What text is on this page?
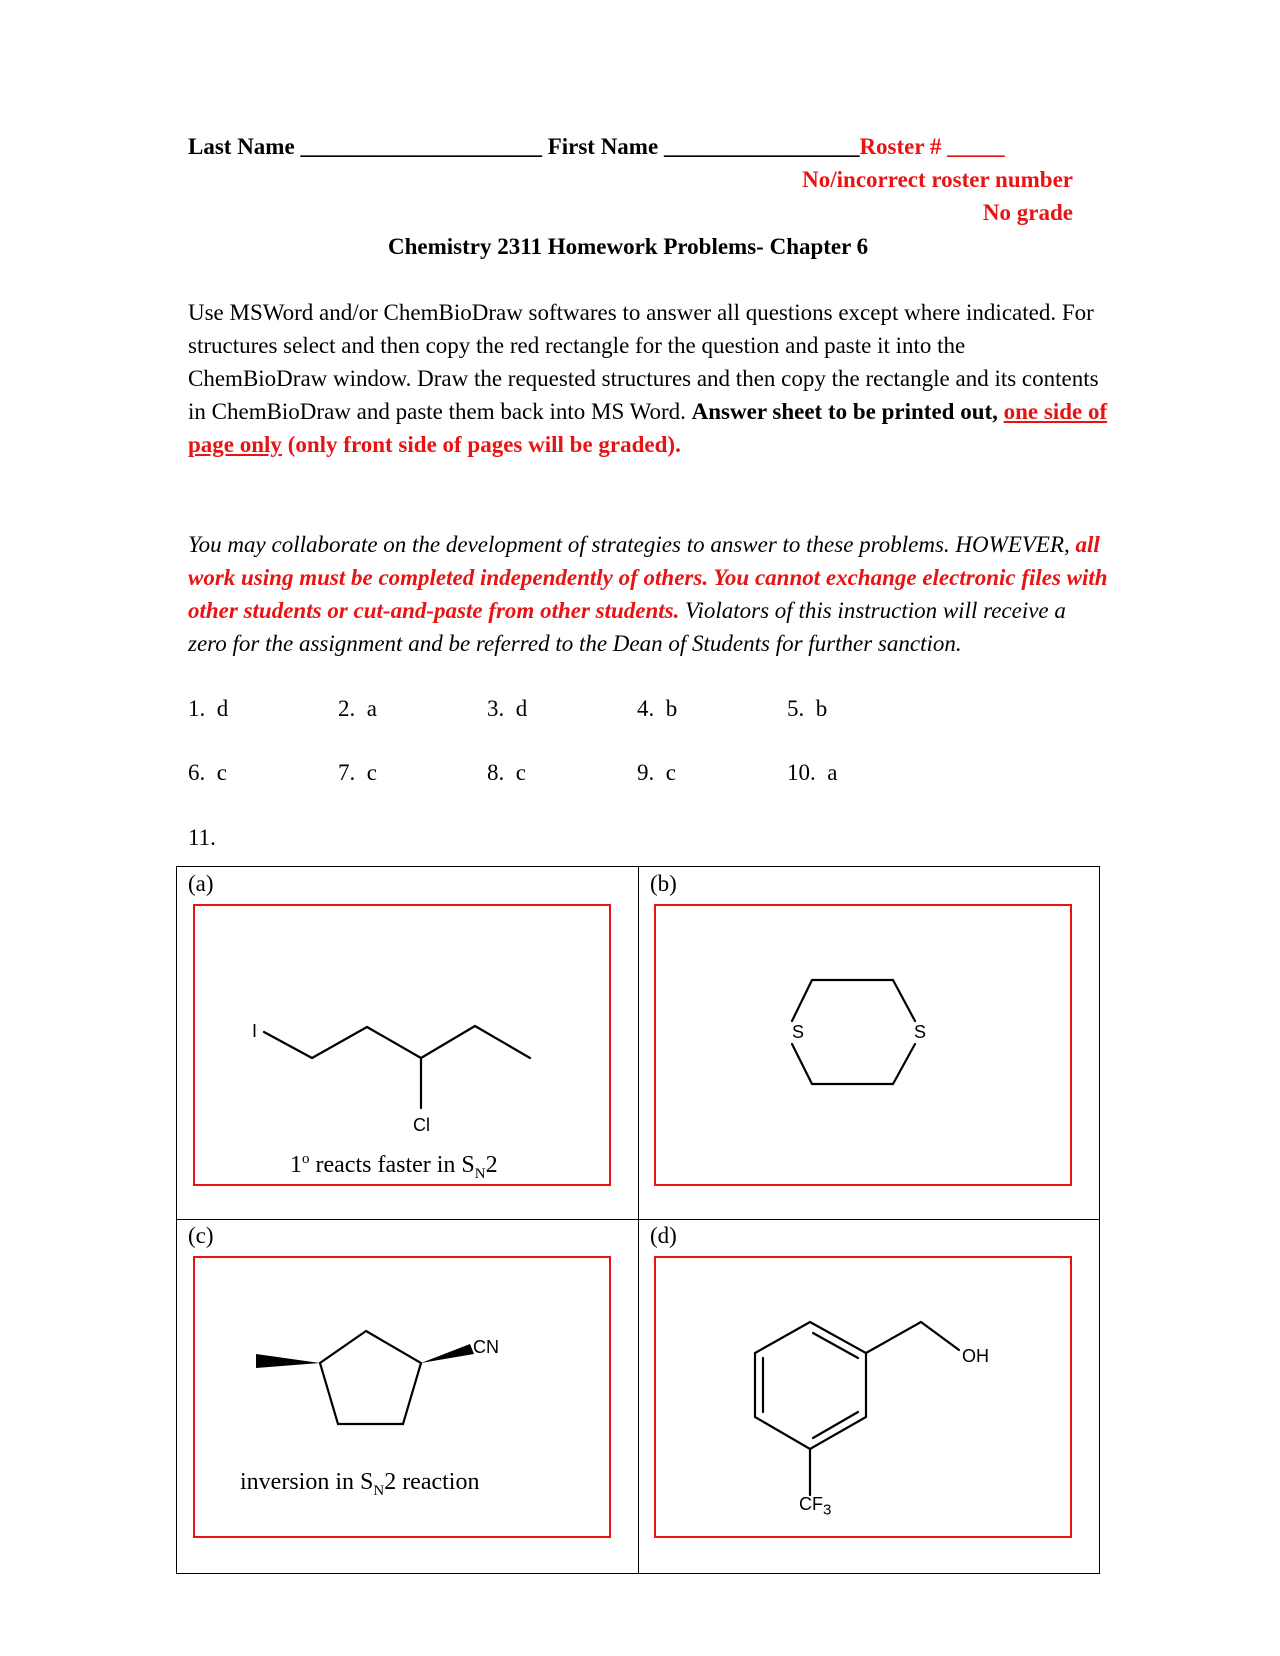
Last Name _____________________ First Name _________________Roster # _____
No/incorrect roster number
No grade
Chemistry 2311 Homework Problems- Chapter 6
Use MSWord and/or ChemBioDraw softwares to answer all questions except where indicated. For structures select and then copy the red rectangle for the question and paste it into the ChemBioDraw window. Draw the requested structures and then copy the rectangle and its contents in ChemBioDraw and paste them back into MS Word. Answer sheet to be printed out, one side of page only (only front side of pages will be graded).
You may collaborate on the development of strategies to answer to these problems. HOWEVER, all work using must be completed independently of others. You cannot exchange electronic files with other students or cut-and-paste from other students. Violators of this instruction will receive a zero for the assignment and be referred to the Dean of Students for further sanction.
1. d	2. a	3. d	4. b	5. b
6. c	7. c	8. c	9. c	10. a
11.
(a)	(b)
(c)	(d)
I
Cl
S	S
CN	OH
$CF_3$
1$^o$ reacts faster in $S_N2$
inversion in $S_N2$ reaction
